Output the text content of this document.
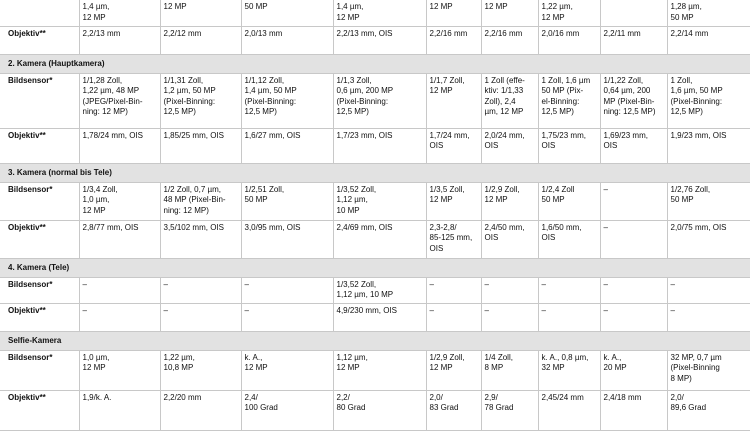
	1,4 µm,
12 MP	12 MP	50 MP	1,4 µm,
12 MP	12 MP	12 MP	1,22 µm,
12 MP		1,28 µm,
50 MP
Objektiv**	2,2/13 mm	2,2/12 mm	2,0/13 mm	2,2/13 mm, OIS	2,2/16 mm	2,2/16 mm	2,0/16 mm	2,2/11 mm	2,2/14 mm
2. Kamera (Hauptkamera)									
Bildsensor*	1/1,28 Zoll,
1,22 µm, 48 MP
(JPEG/Pixel-Bin-
ning: 12 MP)	1/1,31 Zoll,
1,2 µm, 50 MP
(Pixel-Binning:
12,5 MP)	1/1,12 Zoll,
1,4 µm, 50 MP
(Pixel-Binning:
12,5 MP)	1/1,3 Zoll,
0,6 µm, 200 MP
(Pixel-Binning:
12,5 MP)	1/1,7 Zoll,
12 MP	1 Zoll (effe-
ktiv: 1/1,33
Zoll), 2,4
µm, 12 MP	1 Zoll, 1,6 µm
50 MP (Pix-
el-Binning:
12,5 MP)	1/1,22 Zoll,
0,64 µm, 200
MP (Pixel-Bin-
ning: 12,5 MP)	1 Zoll,
1,6 µm, 50 MP
(Pixel-Binning:
12,5 MP)
Objektiv**	1,78/24 mm, OIS	1,85/25 mm, OIS	1,6/27 mm, OIS	1,7/23 mm, OIS	1,7/24 mm,
OIS	2,0/24 mm,
OIS	1,75/23 mm,
OIS	1,69/23 mm,
OIS	1,9/23 mm, OIS
3. Kamera (normal bis Tele)									
Bildsensor*	1/3,4 Zoll,
1,0 µm,
12 MP	1/2 Zoll, 0,7 µm,
48 MP (Pixel-Bin-
ning: 12 MP)	1/2,51 Zoll,
50 MP	1/3,52 Zoll,
1,12 µm,
10 MP	1/3,5 Zoll,
12 MP	1/2,9 Zoll,
12 MP	1/2,4 Zoll
50 MP	–	1/2,76 Zoll,
50 MP
Objektiv**	2,8/77 mm, OIS	3,5/102 mm, OIS	3,0/95 mm, OIS	2,4/69 mm, OIS	2,3-2,8/
85-125 mm,
OIS	2,4/50 mm,
OIS	1,6/50 mm,
OIS	–	2,0/75 mm, OIS
4. Kamera (Tele)									
Bildsensor*	–	–	–	1/3,52 Zoll,
1,12 µm, 10 MP	–	–	–	–	–
Objektiv**	–	–	–	4,9/230 mm, OIS	–	–	–	–	–
Selfie-Kamera									
Bildsensor*	1,0 µm,
12 MP	1,22 µm,
10,8 MP	k. A.,
12 MP	1,12 µm,
12 MP	1/2,9 Zoll,
12 MP	1/4 Zoll,
8 MP	k. A., 0,8 µm,
32 MP	k. A.,
20 MP	32 MP, 0,7 µm
(Pixel-Binning
8 MP)
Objektiv**	1,9/k. A.	2,2/20 mm	2,4/
100 Grad	2,2/
80 Grad	2,0/
83 Grad	2,9/
78 Grad	2,45/24 mm	2,4/18 mm	2,0/
89,6 Grad
